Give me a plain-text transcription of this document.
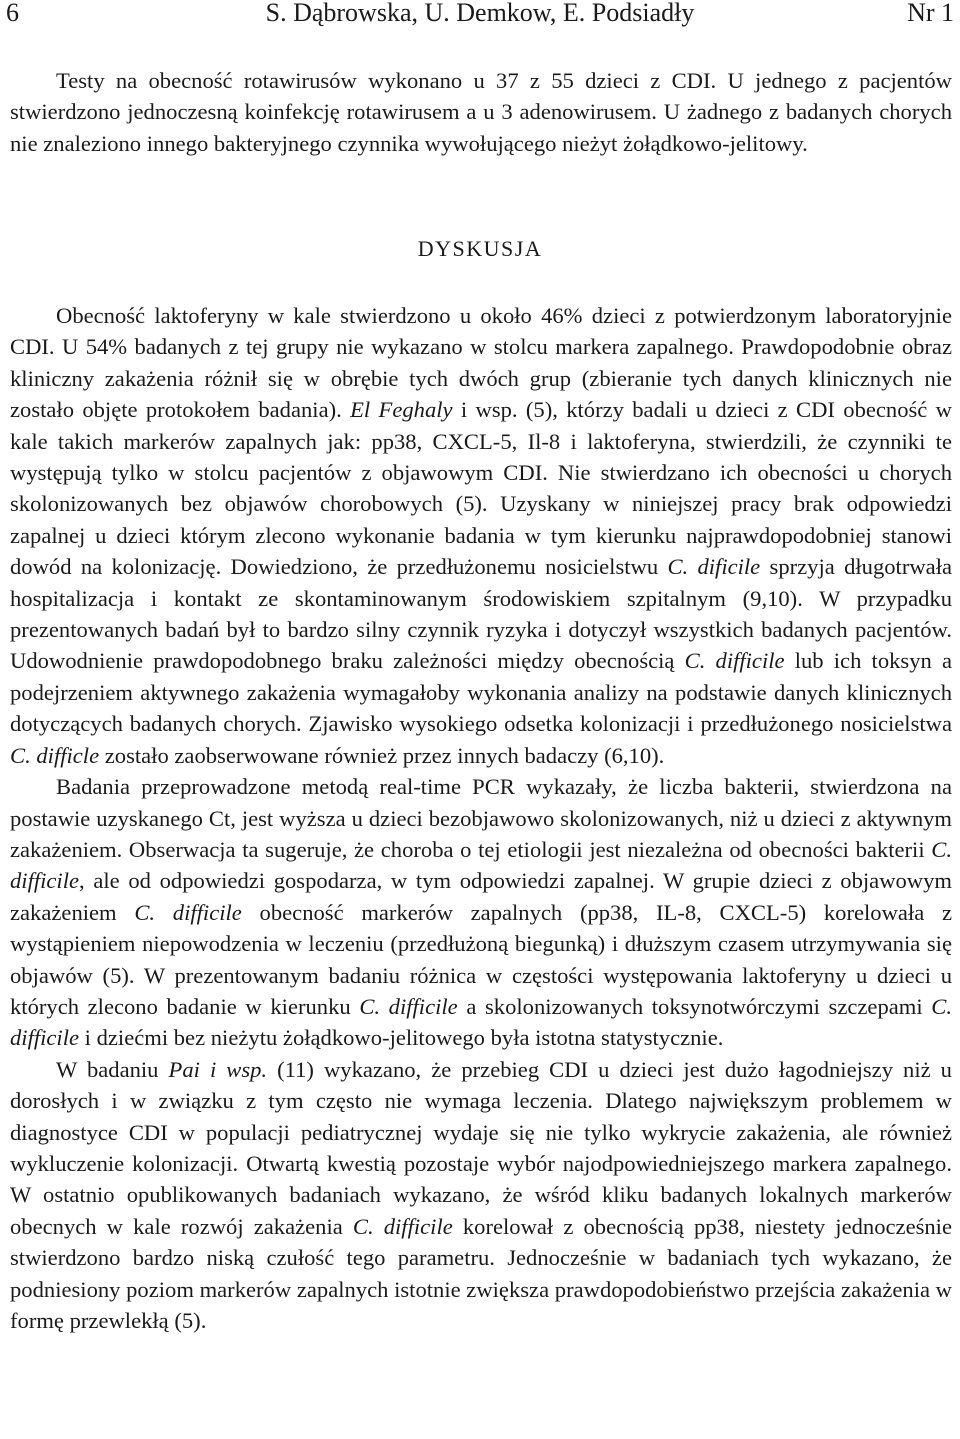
6	S. Dąbrowska, U. Demkow, E. Podsiadły	Nr 1

Testy na obecność rotawirusów wykonano u 37 z 55 dzieci z CDI. U jednego z pacjentów stwierdzono jednoczesną koinfekcję rotawirusem a u 3 adenowirusem. U żadnego z badanych chorych nie znaleziono innego bakteryjnego czynnika wywołującego nieżyt żołądkowo-jelitowy.

DYSKUSJA

Obecność laktoferyny w kale stwierdzono u około 46% dzieci z potwierdzonym laboratoryjnie CDI. U 54% badanych z tej grupy nie wykazano w stolcu markera zapalnego. Prawdopodobnie obraz kliniczny zakażenia różnił się w obrębie tych dwóch grup (zbieranie tych danych klinicznych nie zostało objęte protokołem badania). El Feghaly i wsp. (5), którzy badali u dzieci z CDI obecność w kale takich markerów zapalnych jak: pp38, CXCL-5, Il-8 i laktoferyna, stwierdzili, że czynniki te występują tylko w stolcu pacjentów z objawowym CDI. Nie stwierdzano ich obecności u chorych skolonizowanych bez objawów chorobowych (5). Uzyskany w niniejszej pracy brak odpowiedzi zapalnej u dzieci którym zlecono wykonanie badania w tym kierunku najprawdopodobniej stanowi dowód na kolonizację. Dowiedziono, że przedłużonemu nosicielstwu C. dificile sprzyja długotrwała hospitalizacja i kontakt ze skontaminowanym środowiskiem szpitalnym (9,10). W przypadku prezentowanych badań był to bardzo silny czynnik ryzyka i dotyczył wszystkich badanych pacjentów. Udowodnienie prawdopodobnego braku zależności między obecnością C. difficile lub ich toksyn a podejrzeniem aktywnego zakażenia wymagałoby wykonania analizy na podstawie danych klinicznych dotyczących badanych chorych. Zjawisko wysokiego odsetka kolonizacji i przedłużonego nosicielstwa C. difficle zostało zaobserwowane również przez innych badaczy (6,10).

Badania przeprowadzone metodą real-time PCR wykazały, że liczba bakterii, stwierdzona na postawie uzyskanego Ct, jest wyższa u dzieci bezobjawowo skolonizowanych, niż u dzieci z aktywnym zakażeniem. Obserwacja ta sugeruje, że choroba o tej etiologii jest niezależna od obecności bakterii C. difficile, ale od odpowiedzi gospodarza, w tym odpowiedzi zapalnej. W grupie dzieci z objawowym zakażeniem C. difficile obecność markerów zapalnych (pp38, IL-8, CXCL-5) korelowała z wystąpieniem niepowodzenia w leczeniu (przedłużoną biegunką) i dłuższym czasem utrzymywania się objawów (5). W prezentowanym badaniu różnica w częstości występowania laktoferyny u dzieci u których zlecono badanie w kierunku C. difficile a skolonizowanych toksynotwórczymi szczepami C. difficile i dziećmi bez nieżytu żołądkowo-jelitowego była istotna statystycznie.

W badaniu Pai i wsp. (11) wykazano, że przebieg CDI u dzieci jest dużo łagodniejszy niż u dorosłych i w związku z tym często nie wymaga leczenia. Dlatego największym problemem w diagnostyce CDI w populacji pediatrycznej wydaje się nie tylko wykrycie zakażenia, ale również wykluczenie kolonizacji. Otwartą kwestią pozostaje wybór najodpowiedniejszego markera zapalnego. W ostatnio opublikowanych badaniach wykazano, że wśród kliku badanych lokalnych markerów obecnych w kale rozwój zakażenia C. difficile korelował z obecnością pp38, niestety jednocześnie stwierdzono bardzo niską czułość tego parametru. Jednocześnie w badaniach tych wykazano, że podniesiony poziom markerów zapalnych istotnie zwiększa prawdopodobieństwo przejścia zakażenia w formę przewlekłą (5).
